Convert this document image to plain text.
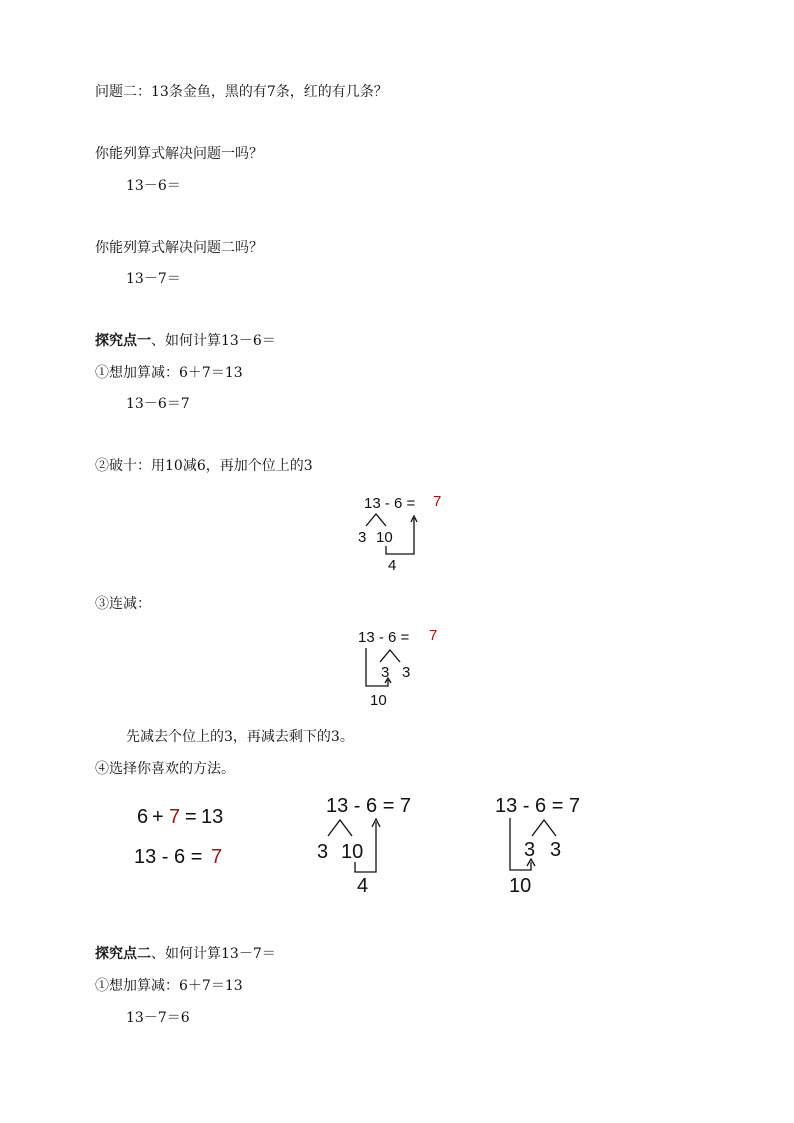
问题二：13条金鱼，黑的有7条，红的有几条？
你能列算式解决问题一吗？
13－6＝
你能列算式解决问题二吗？
13－7＝
探究点一、如何计算13－6＝
①想加算减：6＋7＝13
13－6＝7
②破十：用10减6，再加个位上的3
13 - 6 = 7
3 10
4
③连减：
13 - 6 = 7
3 3
10
先减去个位上的3，再减去剩下的3。
④选择你喜欢的方法。
6 + 7 = 13
13 - 6 = 7
13 - 6 = 7
3 10
4
13 - 6 = 7
3 3
10
探究点二、如何计算13－7＝
①想加算减：6＋7＝13
13－7＝6
